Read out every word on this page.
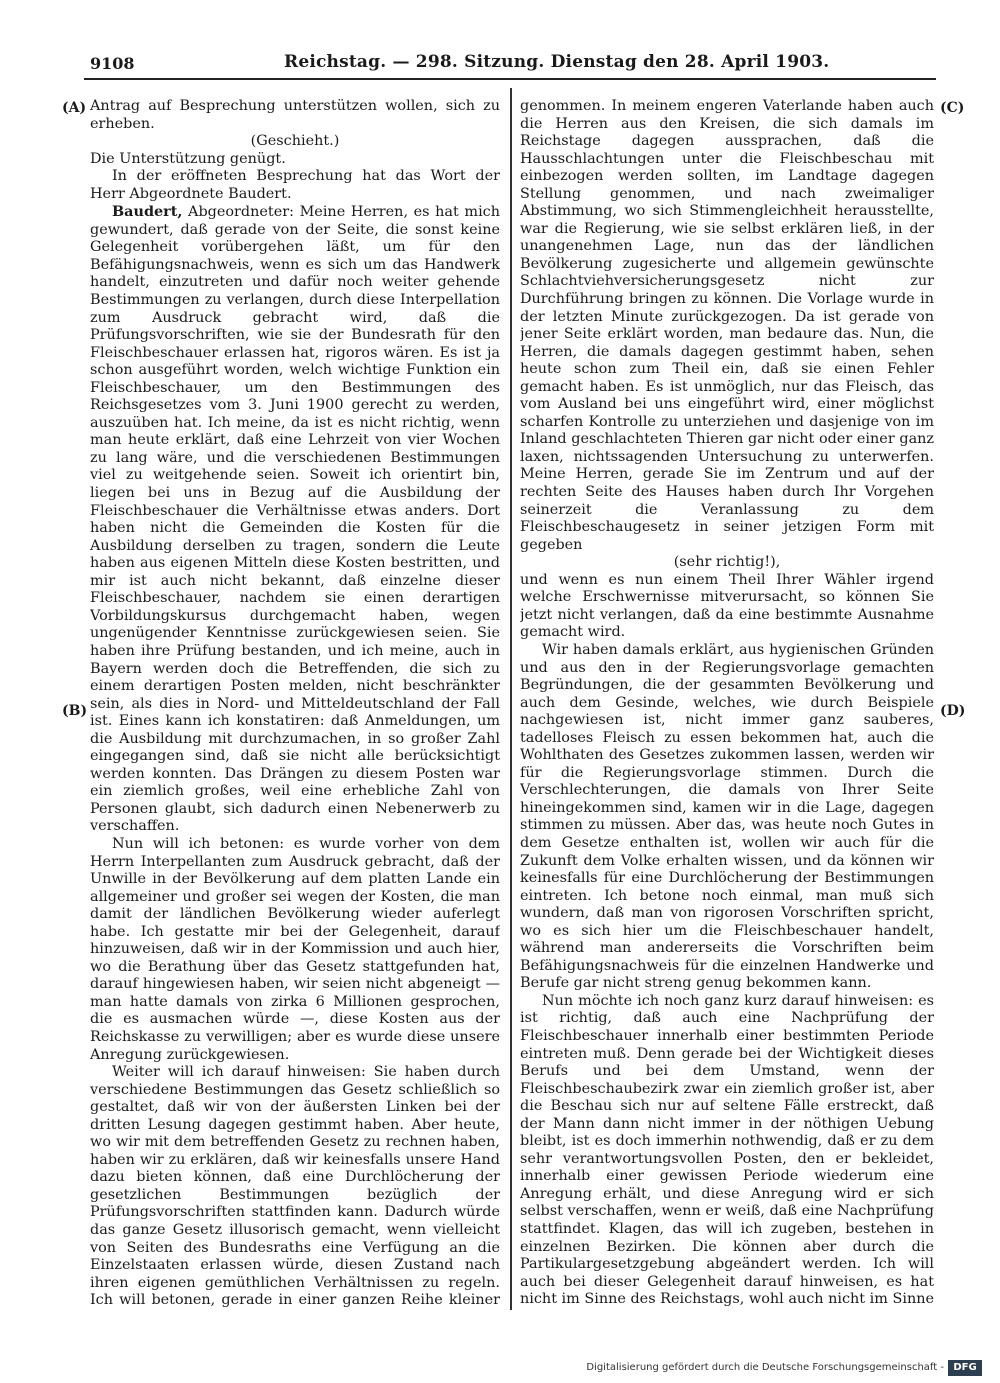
9108	Reichstag. — 298. Sitzung. Dienstag den 28. April 1903.
(A)
(B)
(C)
(D)

Antrag auf Besprechung unterstützen wollen, sich zu erheben.

(Geschieht.)

Die Unterstützung genügt.

In der eröffneten Besprechung hat das Wort der Herr Abgeordnete Baudert.

Baudert, Abgeordneter: Meine Herren, es hat mich gewundert, daß gerade von der Seite, die sonst keine Gelegenheit vorübergehen läßt, um für den Befähigungsnachweis, wenn es sich um das Handwerk handelt, einzutreten und dafür noch weiter gehende Bestimmungen zu verlangen, durch diese Interpellation zum Ausdruck gebracht wird, daß die Prüfungsvorschriften, wie sie der Bundesrath für den Fleischbeschauer erlassen hat, rigoros wären. Es ist ja schon ausgeführt worden, welch wichtige Funktion ein Fleischbeschauer, um den Bestimmungen des Reichsgesetzes vom 3. Juni 1900 gerecht zu werden, auszuüben hat. Ich meine, da ist es nicht richtig, wenn man heute erklärt, daß eine Lehrzeit von vier Wochen zu lang wäre, und die verschiedenen Bestimmungen viel zu weitgehende seien. Soweit ich orientirt bin, liegen bei uns in Bezug auf die Ausbildung der Fleischbeschauer die Verhältnisse etwas anders. Dort haben nicht die Gemeinden die Kosten für die Ausbildung derselben zu tragen, sondern die Leute haben aus eigenen Mitteln diese Kosten bestritten, und mir ist auch nicht bekannt, daß einzelne dieser Fleischbeschauer, nachdem sie einen derartigen Vorbildungskursus durchgemacht haben, wegen ungenügender Kenntnisse zurückgewiesen seien. Sie haben ihre Prüfung bestanden, und ich meine, auch in Bayern werden doch die Betreffenden, die sich zu einem derartigen Posten melden, nicht beschränkter sein, als dies in Nord- und Mitteldeutschland der Fall ist. Eines kann ich konstatiren: daß Anmeldungen, um die Ausbildung mit durchzumachen, in so großer Zahl eingegangen sind, daß sie nicht alle berücksichtigt werden konnten. Das Drängen zu diesem Posten war ein ziemlich großes, weil eine erhebliche Zahl von Personen glaubt, sich dadurch einen Nebenerwerb zu verschaffen.

Nun will ich betonen: es wurde vorher von dem Herrn Interpellanten zum Ausdruck gebracht, daß der Unwille in der Bevölkerung auf dem platten Lande ein allgemeiner und großer sei wegen der Kosten, die man damit der ländlichen Bevölkerung wieder auferlegt habe. Ich gestatte mir bei der Gelegenheit, darauf hinzuweisen, daß wir in der Kommission und auch hier, wo die Berathung über das Gesetz stattgefunden hat, darauf hingewiesen haben, wir seien nicht abgeneigt — man hatte damals von zirka 6 Millionen gesprochen, die es ausmachen würde —, diese Kosten aus der Reichskasse zu verwilligen; aber es wurde diese unsere Anregung zurückgewiesen.

Weiter will ich darauf hinweisen: Sie haben durch verschiedene Bestimmungen das Gesetz schließlich so gestaltet, daß wir von der äußersten Linken bei der dritten Lesung dagegen gestimmt haben. Aber heute, wo wir mit dem betreffenden Gesetz zu rechnen haben, haben wir zu erklären, daß wir keinesfalls unsere Hand dazu bieten können, daß eine Durchlöcherung der gesetzlichen Bestimmungen bezüglich der Prüfungsvorschriften stattfinden kann. Dadurch würde das ganze Gesetz illusorisch gemacht, wenn vielleicht von Seiten des Bundesraths eine Verfügung an die Einzelstaaten erlassen würde, diesen Zustand nach ihren eigenen gemüthlichen Verhältnissen zu regeln. Ich will betonen, gerade in einer ganzen Reihe kleiner

genommen. In meinem engeren Vaterlande haben auch die Herren aus den Kreisen, die sich damals im Reichstage dagegen aussprachen, daß die Hausschlachtungen unter die Fleischbeschau mit einbezogen werden sollten, im Landtage dagegen Stellung genommen, und nach zweimaliger Abstimmung, wo sich Stimmengleichheit herausstellte, war die Regierung, wie sie selbst erklären ließ, in der unangenehmen Lage, nun das der ländlichen Bevölkerung zugesicherte und allgemein gewünschte Schlachtviehversicherungsgesetz nicht zur Durchführung bringen zu können. Die Vorlage wurde in der letzten Minute zurückgezogen. Da ist gerade von jener Seite erklärt worden, man bedaure das. Nun, die Herren, die damals dagegen gestimmt haben, sehen heute schon zum Theil ein, daß sie einen Fehler gemacht haben. Es ist unmöglich, nur das Fleisch, das vom Ausland bei uns eingeführt wird, einer möglichst scharfen Kontrolle zu unterziehen und dasjenige von im Inland geschlachteten Thieren gar nicht oder einer ganz laxen, nichtssagenden Untersuchung zu unterwerfen. Meine Herren, gerade Sie im Zentrum und auf der rechten Seite des Hauses haben durch Ihr Vorgehen seinerzeit die Veranlassung zu dem Fleischbeschaugesetz in seiner jetzigen Form mit gegeben

(sehr richtig!),

und wenn es nun einem Theil Ihrer Wähler irgend welche Erschwernisse mitverursacht, so können Sie jetzt nicht verlangen, daß da eine bestimmte Ausnahme gemacht wird.

Wir haben damals erklärt, aus hygienischen Gründen und aus den in der Regierungsvorlage gemachten Begründungen, die der gesammten Bevölkerung und auch dem Gesinde, welches, wie durch Beispiele nachgewiesen ist, nicht immer ganz sauberes, tadelloses Fleisch zu essen bekommen hat, auch die Wohlthaten des Gesetzes zukommen lassen, werden wir für die Regierungsvorlage stimmen. Durch die Verschlechterungen, die damals von Ihrer Seite hineingekommen sind, kamen wir in die Lage, dagegen stimmen zu müssen. Aber das, was heute noch Gutes in dem Gesetze enthalten ist, wollen wir auch für die Zukunft dem Volke erhalten wissen, und da können wir keinesfalls für eine Durchlöcherung der Bestimmungen eintreten. Ich betone noch einmal, man muß sich wundern, daß man von rigorosen Vorschriften spricht, wo es sich hier um die Fleischbeschauer handelt, während man andererseits die Vorschriften beim Befähigungsnachweis für die einzelnen Handwerke und Berufe gar nicht streng genug bekommen kann.

Nun möchte ich noch ganz kurz darauf hinweisen: es ist richtig, daß auch eine Nachprüfung der Fleischbeschauer innerhalb einer bestimmten Periode eintreten muß. Denn gerade bei der Wichtigkeit dieses Berufs und bei dem Umstand, wenn der Fleischbeschaubezirk zwar ein ziemlich großer ist, aber die Beschau sich nur auf seltene Fälle erstreckt, daß der Mann dann nicht immer in der nöthigen Uebung bleibt, ist es doch immerhin nothwendig, daß er zu dem sehr verantwortungsvollen Posten, den er bekleidet, innerhalb einer gewissen Periode wiederum eine Anregung erhält, und diese Anregung wird er sich selbst verschaffen, wenn er weiß, daß eine Nachprüfung stattfindet. Klagen, das will ich zugeben, bestehen in einzelnen Bezirken. Die können aber durch die Partikulargesetzgebung abgeändert werden. Ich will auch bei dieser Gelegenheit darauf hinweisen, es hat nicht im Sinne des Reichstags, wohl auch nicht im Sinne

Digitalisierung gefördert durch die Deutsche Forschungsgemeinschaft - DFG
